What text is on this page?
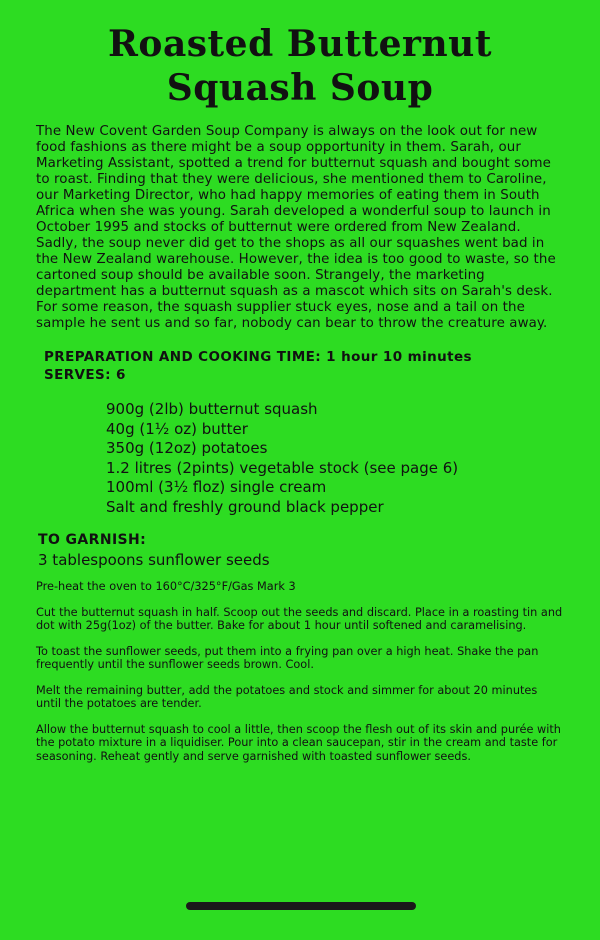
Roasted Butternut
Squash Soup

The New Covent Garden Soup Company is always on the look out for new food fashions as there might be a soup opportunity in them. Sarah, our Marketing Assistant, spotted a trend for butternut squash and bought some to roast. Finding that they were delicious, she mentioned them to Caroline, our Marketing Director, who had happy memories of eating them in South Africa when she was young. Sarah developed a wonderful soup to launch in October 1995 and stocks of butternut were ordered from New Zealand. Sadly, the soup never did get to the shops as all our squashes went bad in the New Zealand warehouse. However, the idea is too good to waste, so the cartoned soup should be available soon. Strangely, the marketing department has a butternut squash as a mascot which sits on Sarah's desk. For some reason, the squash supplier stuck eyes, nose and a tail on the sample he sent us and so far, nobody can bear to throw the creature away.

PREPARATION AND COOKING TIME: 1 hour 10 minutes
SERVES: 6
900g (2lb) butternut squash
40g (1½ oz) butter
350g (12oz) potatoes
1.2 litres (2pints) vegetable stock (see page 6)
100ml (3½ floz) single cream
Salt and freshly ground black pepper
TO GARNISH:
3 tablespoons sunflower seeds
Pre-heat the oven to 160°C/325°F/Gas Mark 3
Cut the butternut squash in half. Scoop out the seeds and discard. Place in a roasting tin and dot with 25g(1oz) of the butter. Bake for about 1 hour until softened and caramelising.
To toast the sunflower seeds, put them into a frying pan over a high heat. Shake the pan frequently until the sunflower seeds brown. Cool.
Melt the remaining butter, add the potatoes and stock and simmer for about 20 minutes until the potatoes are tender.
Allow the butternut squash to cool a little, then scoop the flesh out of its skin and purée with the potato mixture in a liquidiser. Pour into a clean saucepan, stir in the cream and taste for seasoning. Reheat gently and serve garnished with toasted sunflower seeds.
